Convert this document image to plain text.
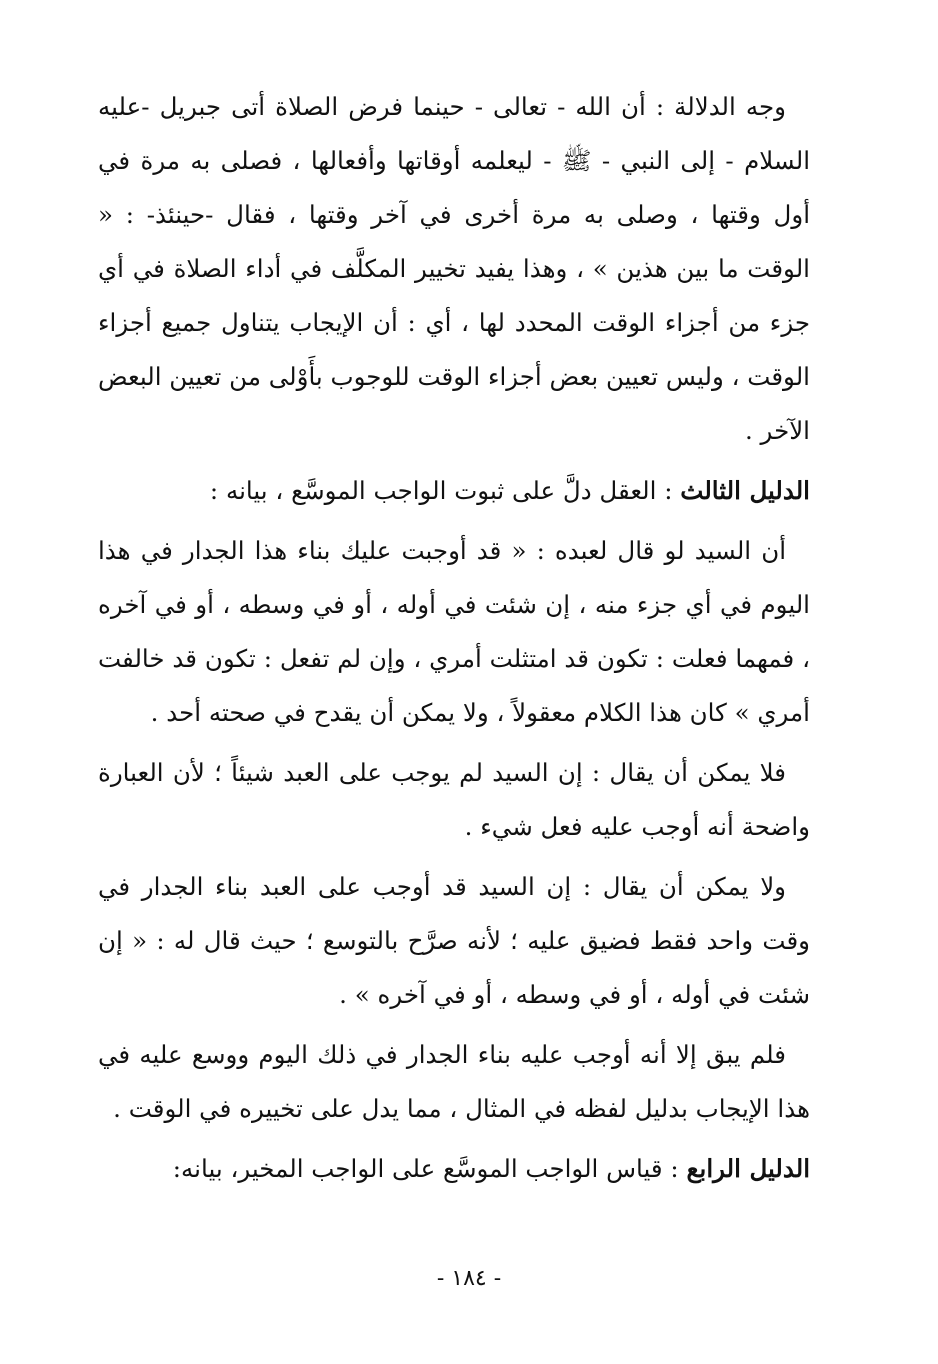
وجه الدلالة : أن الله - تعالى - حينما فرض الصلاة أتى جبريل -عليه السلام - إلى النبي - ﷺ - ليعلمه أوقاتها وأفعالها ، فصلى به مرة في أول وقتها ، وصلى به مرة أخرى في آخر وقتها ، فقال -حينئذ- : « الوقت ما بين هذين » ، وهذا يفيد تخيير المكلَّف في أداء الصلاة في أي جزء من أجزاء الوقت المحدد لها ، أي : أن الإيجاب يتناول جميع أجزاء الوقت ، وليس تعيين بعض أجزاء الوقت للوجوب بأَوْلى من تعيين البعض الآخر .

الدليل الثالث : العقل دلَّ على ثبوت الواجب الموسَّع ، بيانه :

أن السيد لو قال لعبده : « قد أوجبت عليك بناء هذا الجدار في هذا اليوم في أي جزء منه ، إن شئت في أوله ، أو في وسطه ، أو في آخره ، فمهما فعلت : تكون قد امتثلت أمري ، وإن لم تفعل : تكون قد خالفت أمري » كان هذا الكلام معقولاً ، ولا يمكن أن يقدح في صحته أحد .

فلا يمكن أن يقال : إن السيد لم يوجب على العبد شيئاً ؛ لأن العبارة واضحة أنه أوجب عليه فعل شيء .

ولا يمكن أن يقال : إن السيد قد أوجب على العبد بناء الجدار في وقت واحد فقط فضيق عليه ؛ لأنه صرَّح بالتوسع ؛ حيث قال له : « إن شئت في أوله ، أو في وسطه ، أو في آخره » .

فلم يبق إلا أنه أوجب عليه بناء الجدار في ذلك اليوم ووسع عليه في هذا الإيجاب بدليل لفظه في المثال ، مما يدل على تخييره في الوقت .

الدليل الرابع : قياس الواجب الموسَّع على الواجب المخير، بيانه:

- ١٨٤ -
